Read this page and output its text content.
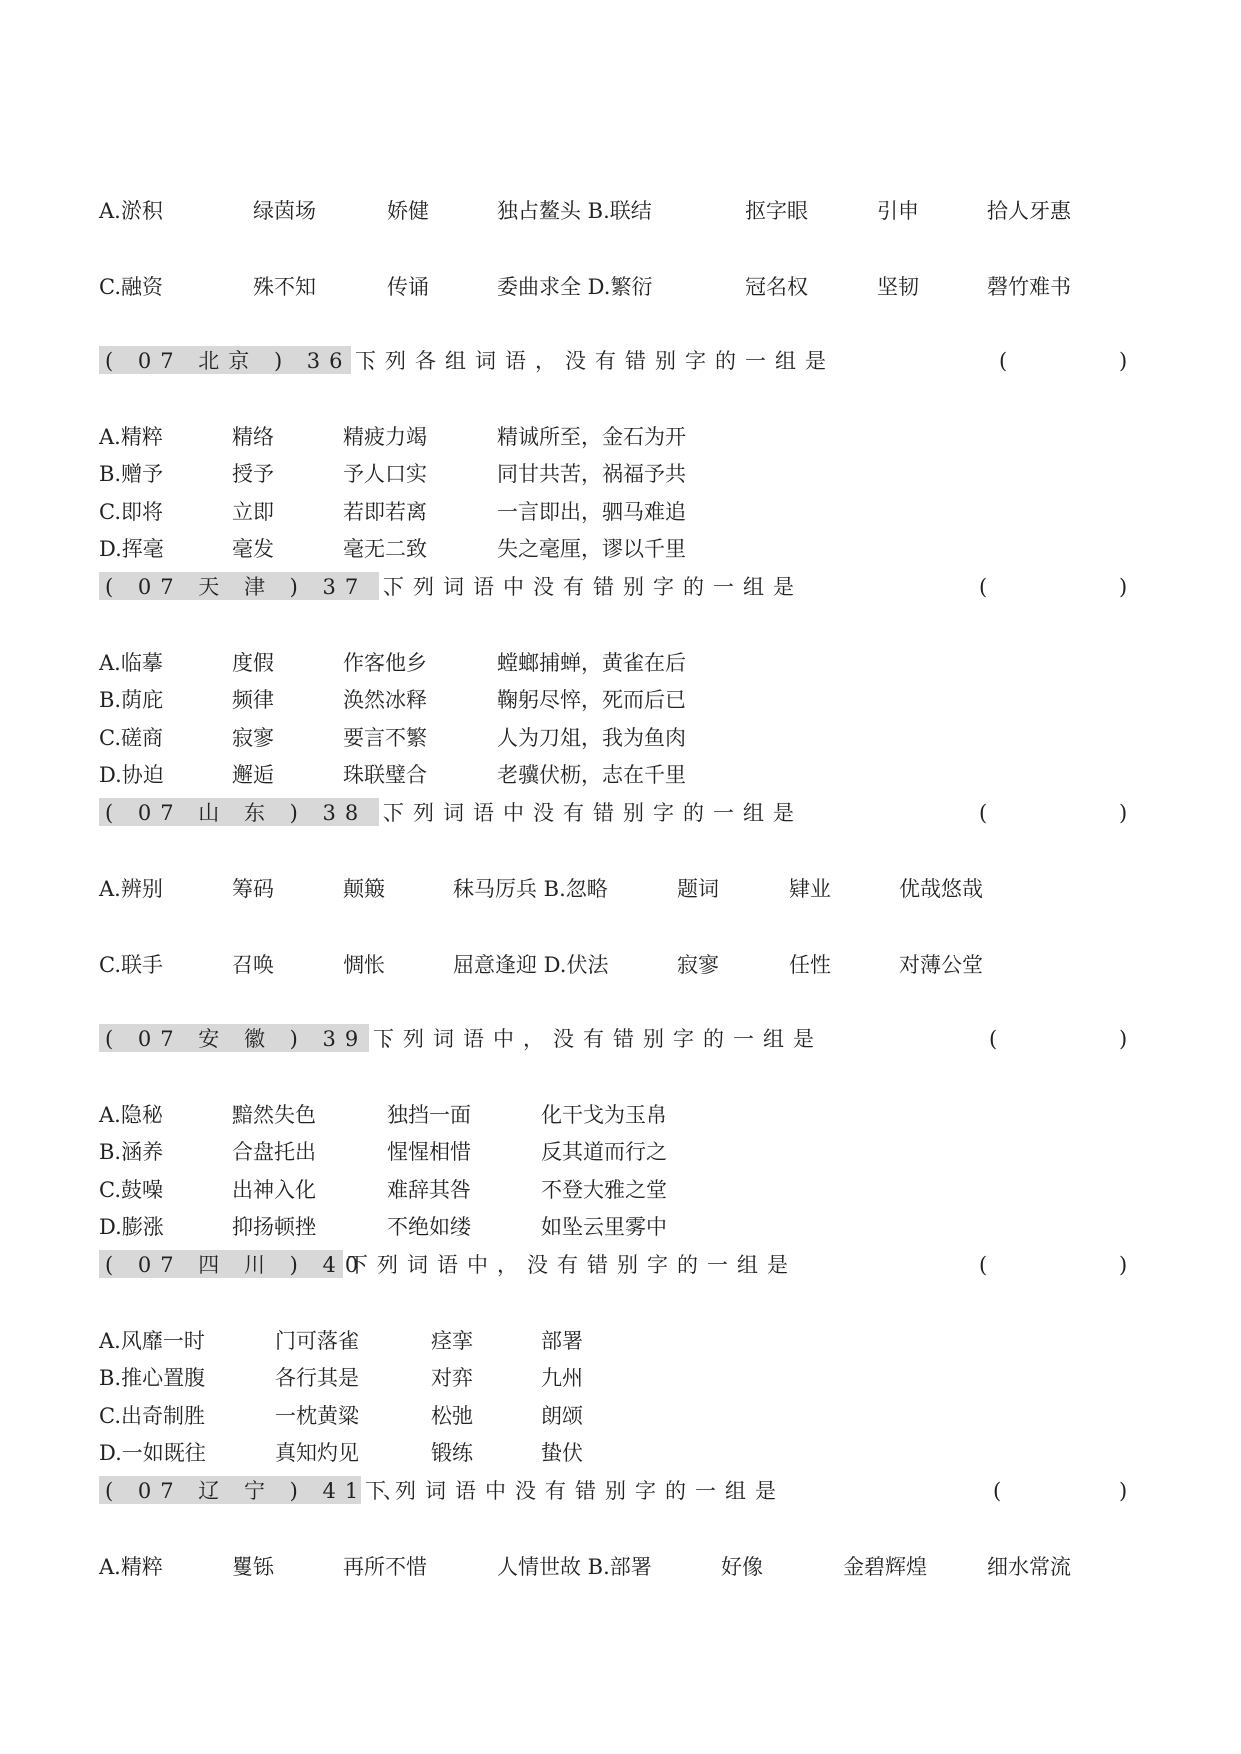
A.淤积	绿茵场	娇健	独占鳌头 B.联结	抠字眼	引申	拾人牙惠
C.融资	殊不知	传诵	委曲求全 D.繁衍	冠名权	坚韧	磬竹难书
( 07 北京 ) 36 、
下列各组词语，没有错别字的一组是	(	)
A.精粹	精络	精疲力竭	精诚所至，金石为开
B.赠予	授予	予人口实	同甘共苦，祸福予共
C.即将	立即	若即若离	一言即出，驷马难追
D.挥毫	毫发	毫无二致	失之毫厘，谬以千里
( 07 天 津 ) 37 、
下列词语中没有错别字的一组是	(	)
A.临摹	度假	作客他乡	螳螂捕蝉，黄雀在后
B.荫庇	频律	涣然冰释	鞠躬尽悴，死而后已
C.磋商	寂寥	要言不繁	人为刀俎，我为鱼肉
D.协迫	邂逅	珠联璧合	老骥伏枥，志在千里
( 07 山 东 ) 38 、
下列词语中没有错别字的一组是	(	)
A.辨别	筹码	颠簸	秣马厉兵 B.忽略	题词	肄业	优哉悠哉
C.联手	召唤	惆怅	屈意逢迎 D.伏法	寂寥	任性	对薄公堂
( 07 安 徽 ) 39 、
下列词语中，没有错别字的一组是	(	)
A.隐秘	黯然失色	独挡一面	化干戈为玉帛
B.涵养	合盘托出	惺惺相惜	反其道而行之
C.鼓噪	出神入化	难辞其咎	不登大雅之堂
D.膨涨	抑扬顿挫	不绝如缕	如坠云里雾中
( 07 四 川 ) 40
下列词语中，没有错别字的一组是	(	)
A.风靡一时	门可落雀	痉挛	部署
B.推心置腹	各行其是	对弈	九州
C.出奇制胜	一枕黄粱	松弛	朗颂
D.一如既往	真知灼见	锻练	蛰伏
( 07 辽 宁 ) 41 、
下列词语中没有错别字的一组是	(	)
A.精粹	矍铄	再所不惜	人情世故 B.部署	好像	金碧辉煌	细水常流
